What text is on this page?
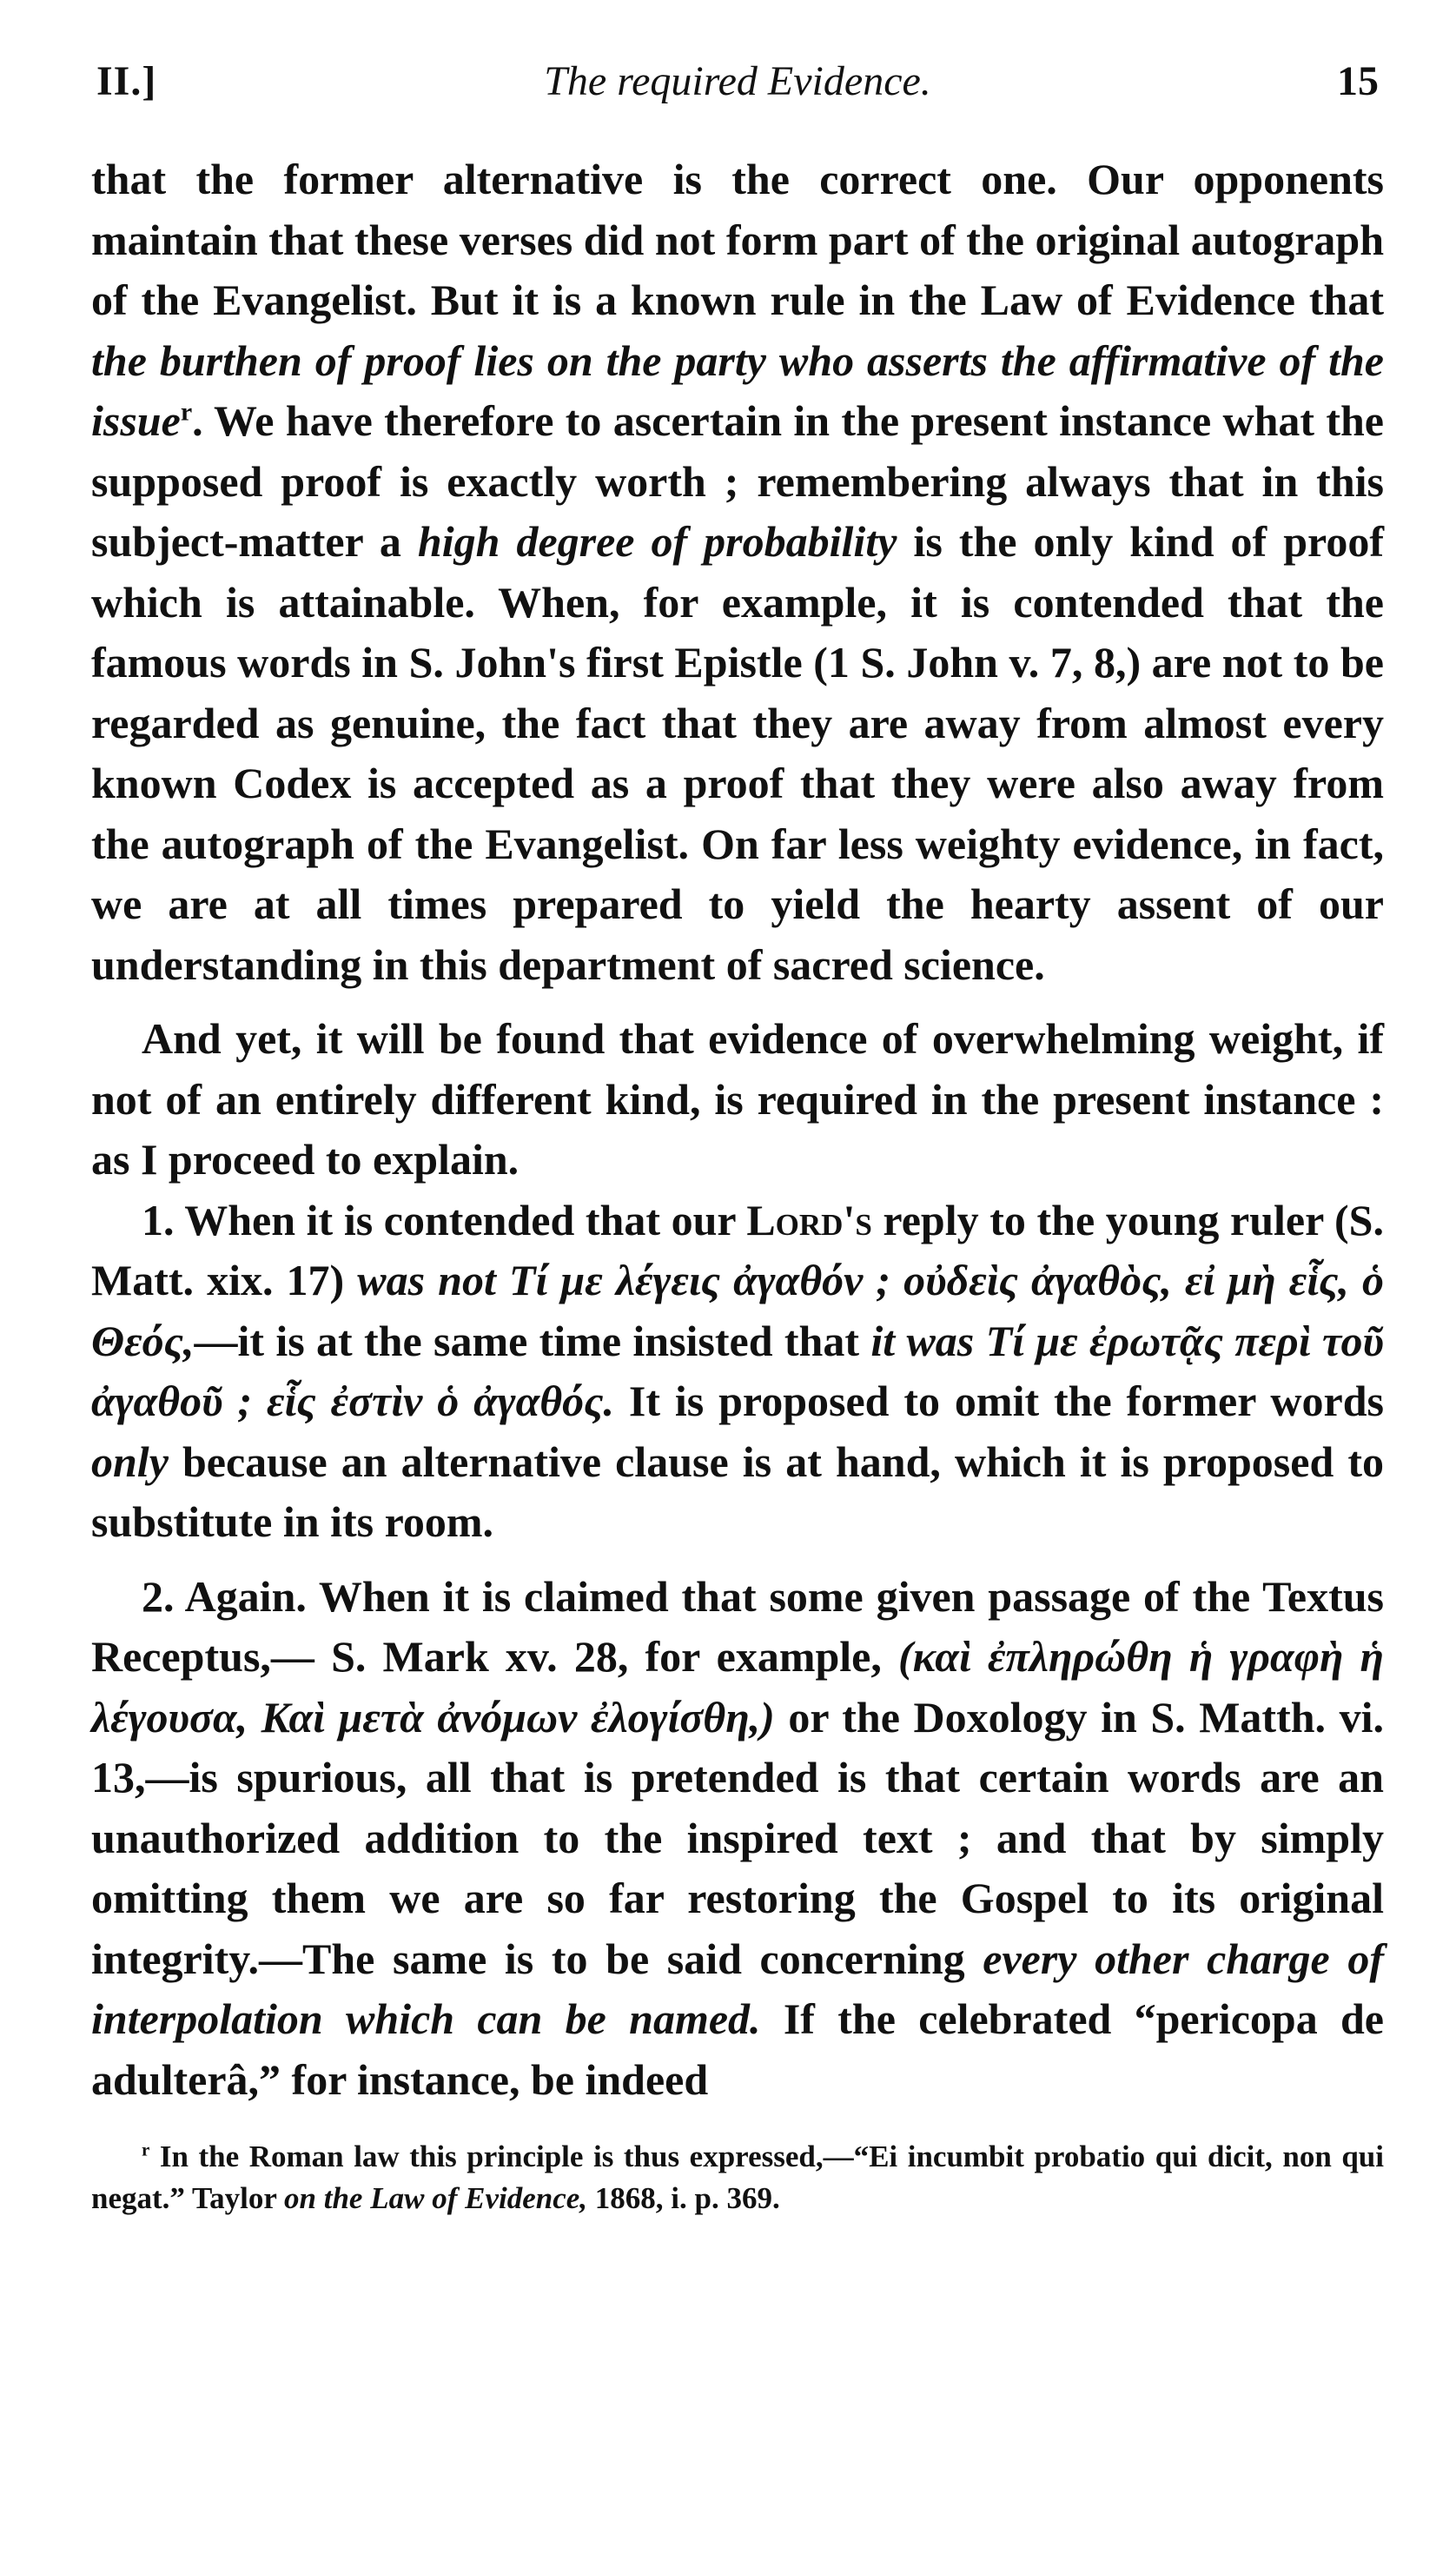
II.]	The required Evidence.	15

that the former alternative is the correct one. Our opponents maintain that these verses did not form part of the original autograph of the Evangelist. But it is a known rule in the Law of Evidence that the burthen of proof lies on the party who asserts the affirmative of the issue$^r$. We have therefore to ascertain in the present instance what the supposed proof is exactly worth ; remembering always that in this subject-matter a high degree of probability is the only kind of proof which is attainable. When, for example, it is contended that the famous words in S. John's first Epistle (1 S. John v. 7, 8,) are not to be regarded as genuine, the fact that they are away from almost every known Codex is accepted as a proof that they were also away from the autograph of the Evangelist. On far less weighty evidence, in fact, we are at all times prepared to yield the hearty assent of our understanding in this department of sacred science.

And yet, it will be found that evidence of overwhelming weight, if not of an entirely different kind, is required in the present instance : as I proceed to explain.

1. When it is contended that our Lord's reply to the young ruler (S. Matt. xix. 17) was not Τί με λέγεις ἀγαθόν ; οὐδεὶς ἀγαθὸς, εἰ μὴ εἷς, ὁ Θεός,—it is at the same time insisted that it was Τί με ἐρωτᾷς περὶ τοῦ ἀγαθοῦ ; εἷς ἐστὶν ὁ ἀγαθός. It is proposed to omit the former words only because an alternative clause is at hand, which it is proposed to substitute in its room.

2. Again. When it is claimed that some given passage of the Textus Receptus,— S. Mark xv. 28, for example, (καὶ ἐπληρώθη ἡ γραφὴ ἡ λέγουσα, Καὶ μετὰ ἀνόμων ἐλογίσθη,) or the Doxology in S. Matth. vi. 13,—is spurious, all that is pretended is that certain words are an unauthorized addition to the inspired text ; and that by simply omitting them we are so far restoring the Gospel to its original integrity.—The same is to be said concerning every other charge of interpolation which can be named. If the celebrated “pericopa de adulterâ,” for instance, be indeed

$^r$ In the Roman law this principle is thus expressed,—“Ei incumbit probatio qui dicit, non qui negat.” Taylor on the Law of Evidence, 1868, i. p. 369.
